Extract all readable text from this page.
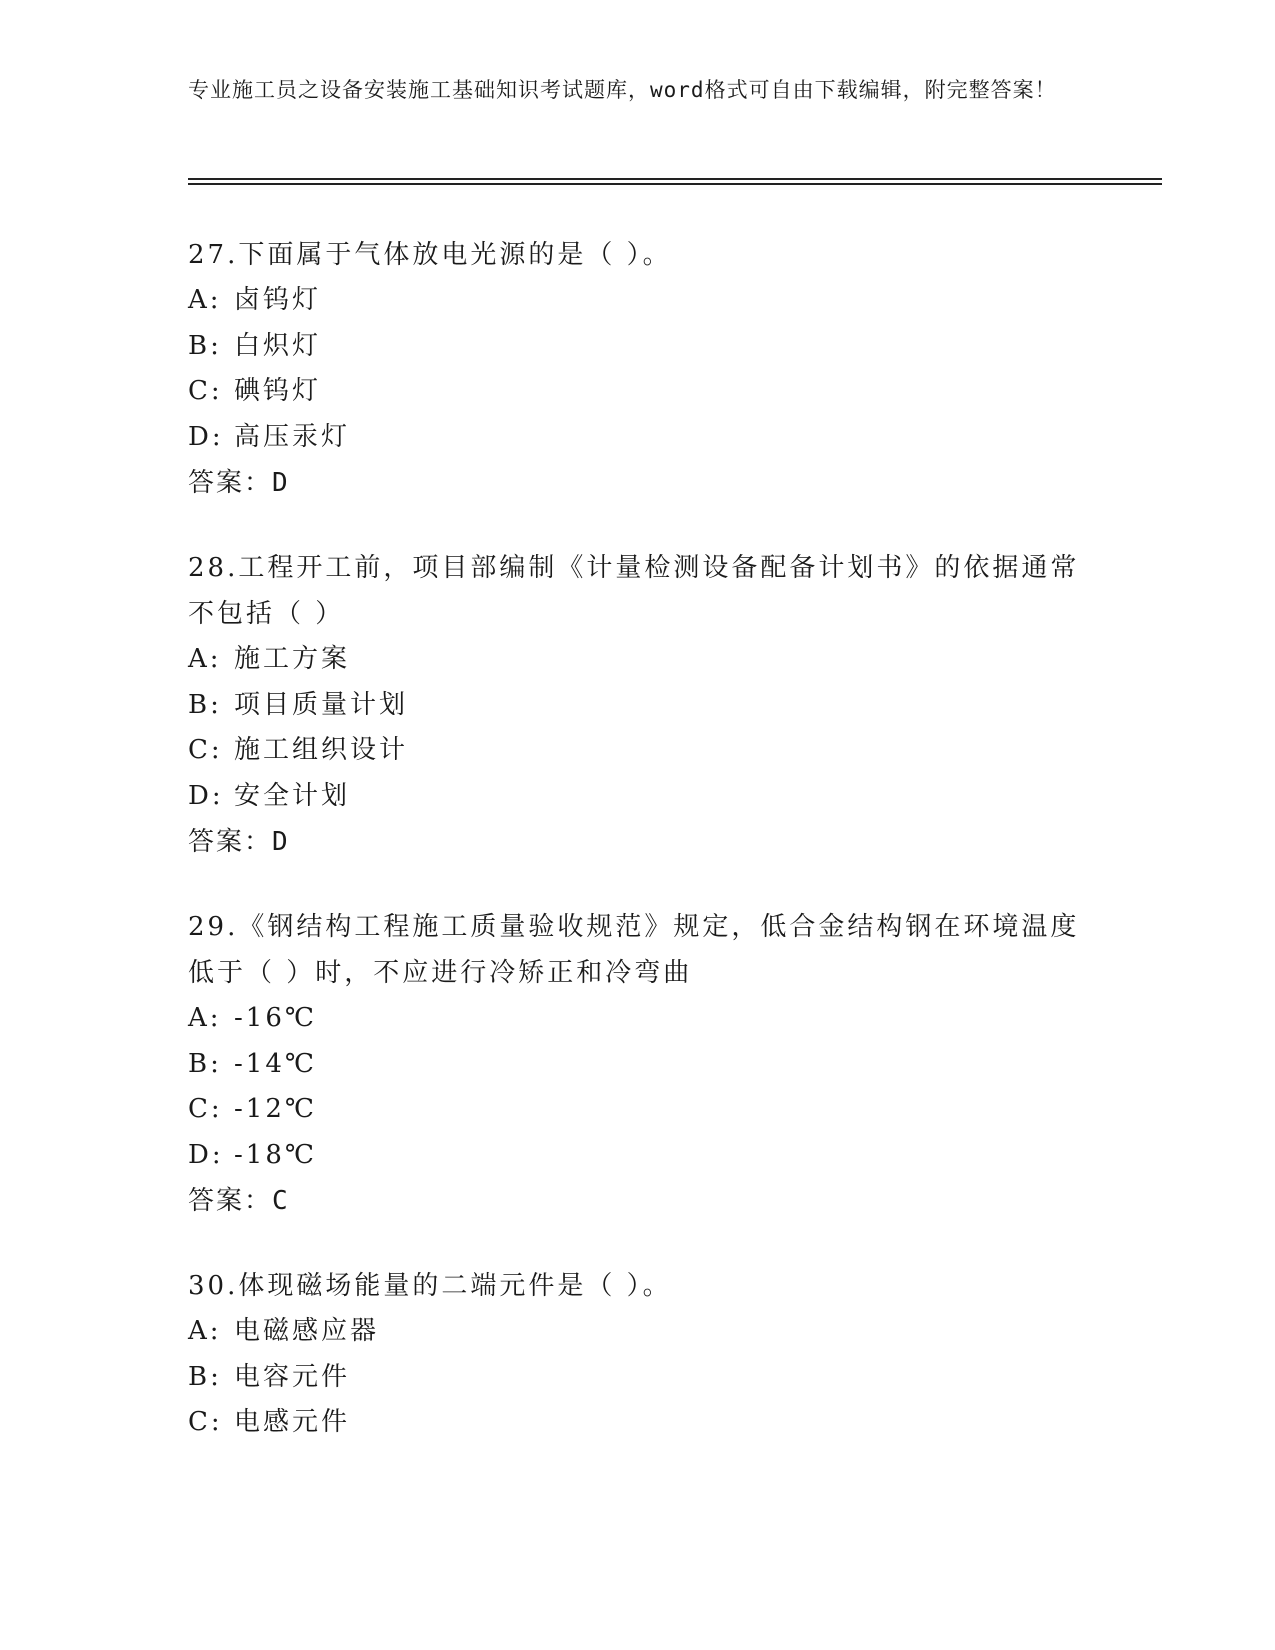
专业施工员之设备安装施工基础知识考试题库，word格式可自由下载编辑，附完整答案！
27.下面属于气体放电光源的是（ ）。
A: 卤钨灯
B: 白炽灯
C: 碘钨灯
D: 高压汞灯
答案：D
28.工程开工前，项目部编制《计量检测设备配备计划书》的依据通常不包括（ ）
A: 施工方案
B: 项目质量计划
C: 施工组织设计
D: 安全计划
答案：D
29.《钢结构工程施工质量验收规范》规定，低合金结构钢在环境温度低于（ ）时，不应进行冷矫正和冷弯曲
A: -16℃
B: -14℃
C: -12℃
D: -18℃
答案：C
30.体现磁场能量的二端元件是（ ）。
A: 电磁感应器
B: 电容元件
C: 电感元件
